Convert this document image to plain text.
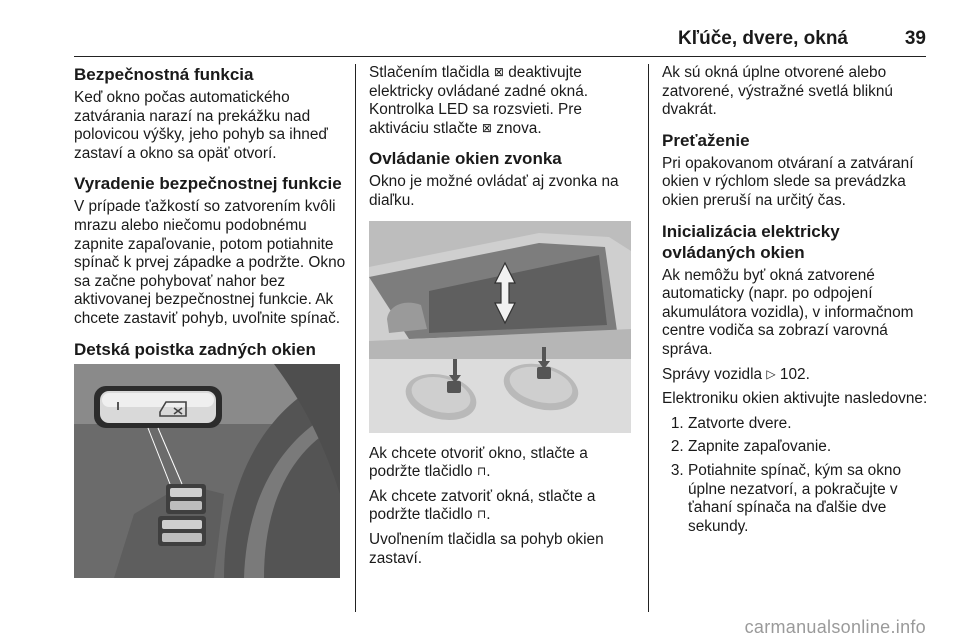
Kľúče, dvere, okná	39
Bezpečnostná funkcia

Keď okno počas automatického zatvárania narazí na prekážku nad polovicou výšky, jeho pohyb sa ihneď zastaví a okno sa opäť otvorí.

Vyradenie bezpečnostnej funkcie

V prípade ťažkostí so zatvorením kvôli mrazu alebo niečomu podobnému zapnite zapaľovanie, potom potiahnite spínač k prvej západke a podržte. Okno sa začne pohybovať nahor bez aktivovanej bezpečnostnej funkcie. Ak chcete zastaviť pohyb, uvoľnite spínač.

Detská poistka zadných okien

Stlačením tlačidla ⊠ deaktivujte elektricky ovládané zadné okná. Kontrolka LED sa rozsvieti. Pre aktiváciu stlačte ⊠ znova.

Ovládanie okien zvonka

Okno je možné ovládať aj zvonka na diaľku.

Ak chcete otvoriť okno, stlačte a podržte tlačidlo ⊓.

Ak chcete zatvoriť okná, stlačte a podržte tlačidlo ⊓.

Uvoľnením tlačidla sa pohyb okien zastaví.

Ak sú okná úplne otvorené alebo zatvorené, výstražné svetlá bliknú dvakrát.

Preťaženie

Pri opakovanom otváraní a zatváraní okien v rýchlom slede sa prevádzka okien preruší na určitý čas.

Inicializácia elektricky ovládaných okien

Ak nemôžu byť okná zatvorené automaticky (napr. po odpojení akumulátora vozidla), v informačnom centre vodiča sa zobrazí varovná správa.

Správy vozidla ▷ 102.

Elektroniku okien aktivujte nasledovne:

1. Zatvorte dvere.
2. Zapnite zapaľovanie.
3. Potiahnite spínač, kým sa okno úplne nezatvorí, a pokračujte v ťahaní spínača na ďalšie dve sekundy.
carmanualsonline.info
